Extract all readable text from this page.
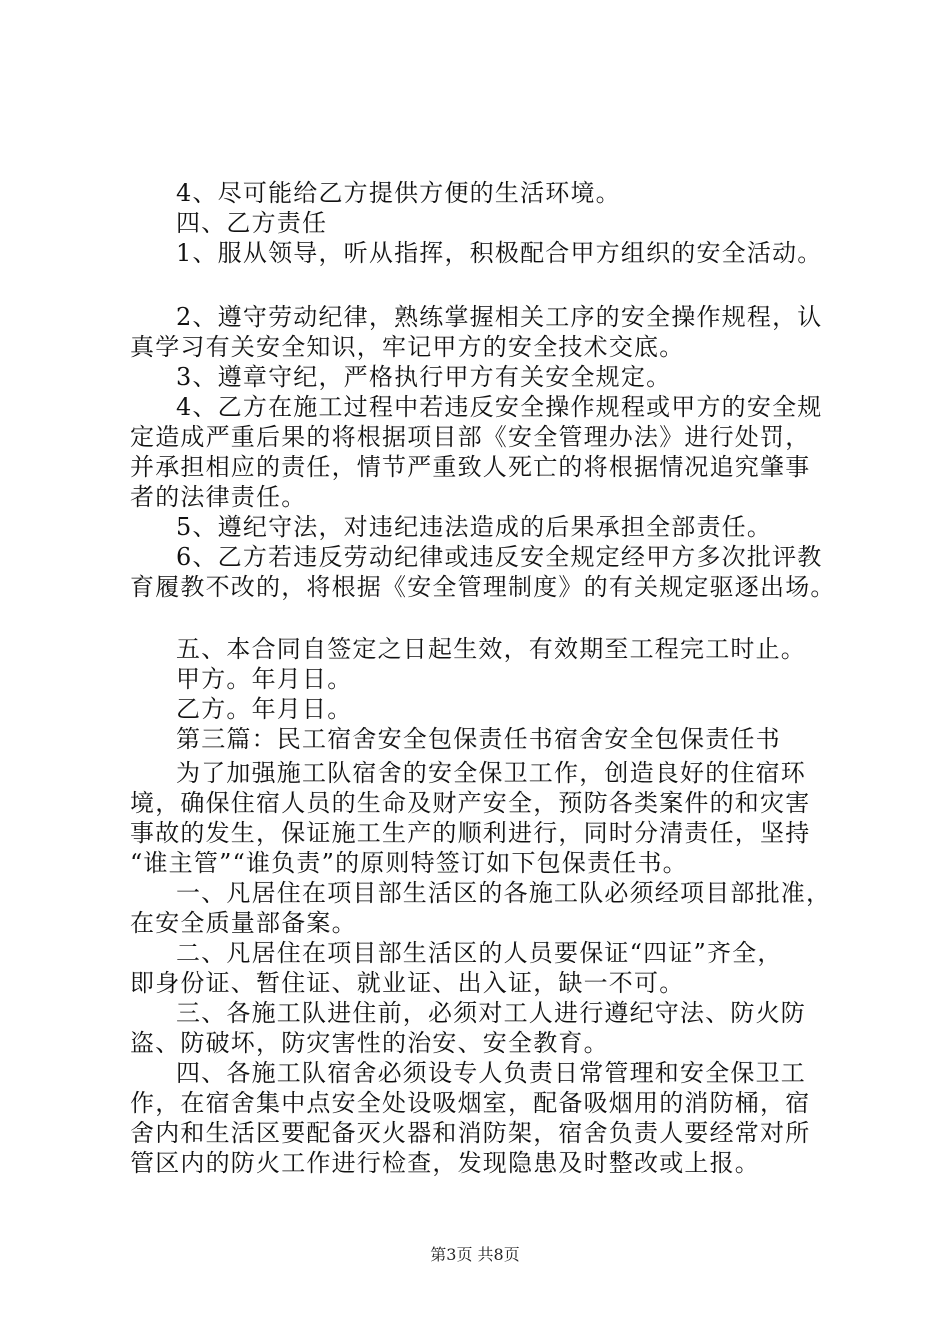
4、尽可能给乙方提供方便的生活环境。
四、乙方责任
1、服从领导，听从指挥，积极配合甲方组织的安全活动。
2、遵守劳动纪律，熟练掌握相关工序的安全操作规程，认
真学习有关安全知识，牢记甲方的安全技术交底。
3、遵章守纪，严格执行甲方有关安全规定。
4、乙方在施工过程中若违反安全操作规程或甲方的安全规
定造成严重后果的将根据项目部《安全管理办法》进行处罚，
并承担相应的责任，情节严重致人死亡的将根据情况追究肇事
者的法律责任。
5、遵纪守法，对违纪违法造成的后果承担全部责任。
6、乙方若违反劳动纪律或违反安全规定经甲方多次批评教
育履教不改的，将根据《安全管理制度》的有关规定驱逐出场。
五、本合同自签定之日起生效，有效期至工程完工时止。
甲方。年月日。
乙方。年月日。
第三篇：民工宿舍安全包保责任书宿舍安全包保责任书
为了加强施工队宿舍的安全保卫工作，创造良好的住宿环
境，确保住宿人员的生命及财产安全，预防各类案件的和灾害
事故的发生，保证施工生产的顺利进行，同时分清责任，坚持
“谁主管”“谁负责”的原则特签订如下包保责任书。
一、凡居住在项目部生活区的各施工队必须经项目部批准，
在安全质量部备案。
二、凡居住在项目部生活区的人员要保证“四证”齐全，
即身份证、暂住证、就业证、出入证，缺一不可。
三、各施工队进住前，必须对工人进行遵纪守法、防火防
盗、防破坏，防灾害性的治安、安全教育。
四、各施工队宿舍必须设专人负责日常管理和安全保卫工
作，在宿舍集中点安全处设吸烟室，配备吸烟用的消防桶，宿
舍内和生活区要配备灭火器和消防架，宿舍负责人要经常对所
管区内的防火工作进行检查，发现隐患及时整改或上报。
第3页 共8页
